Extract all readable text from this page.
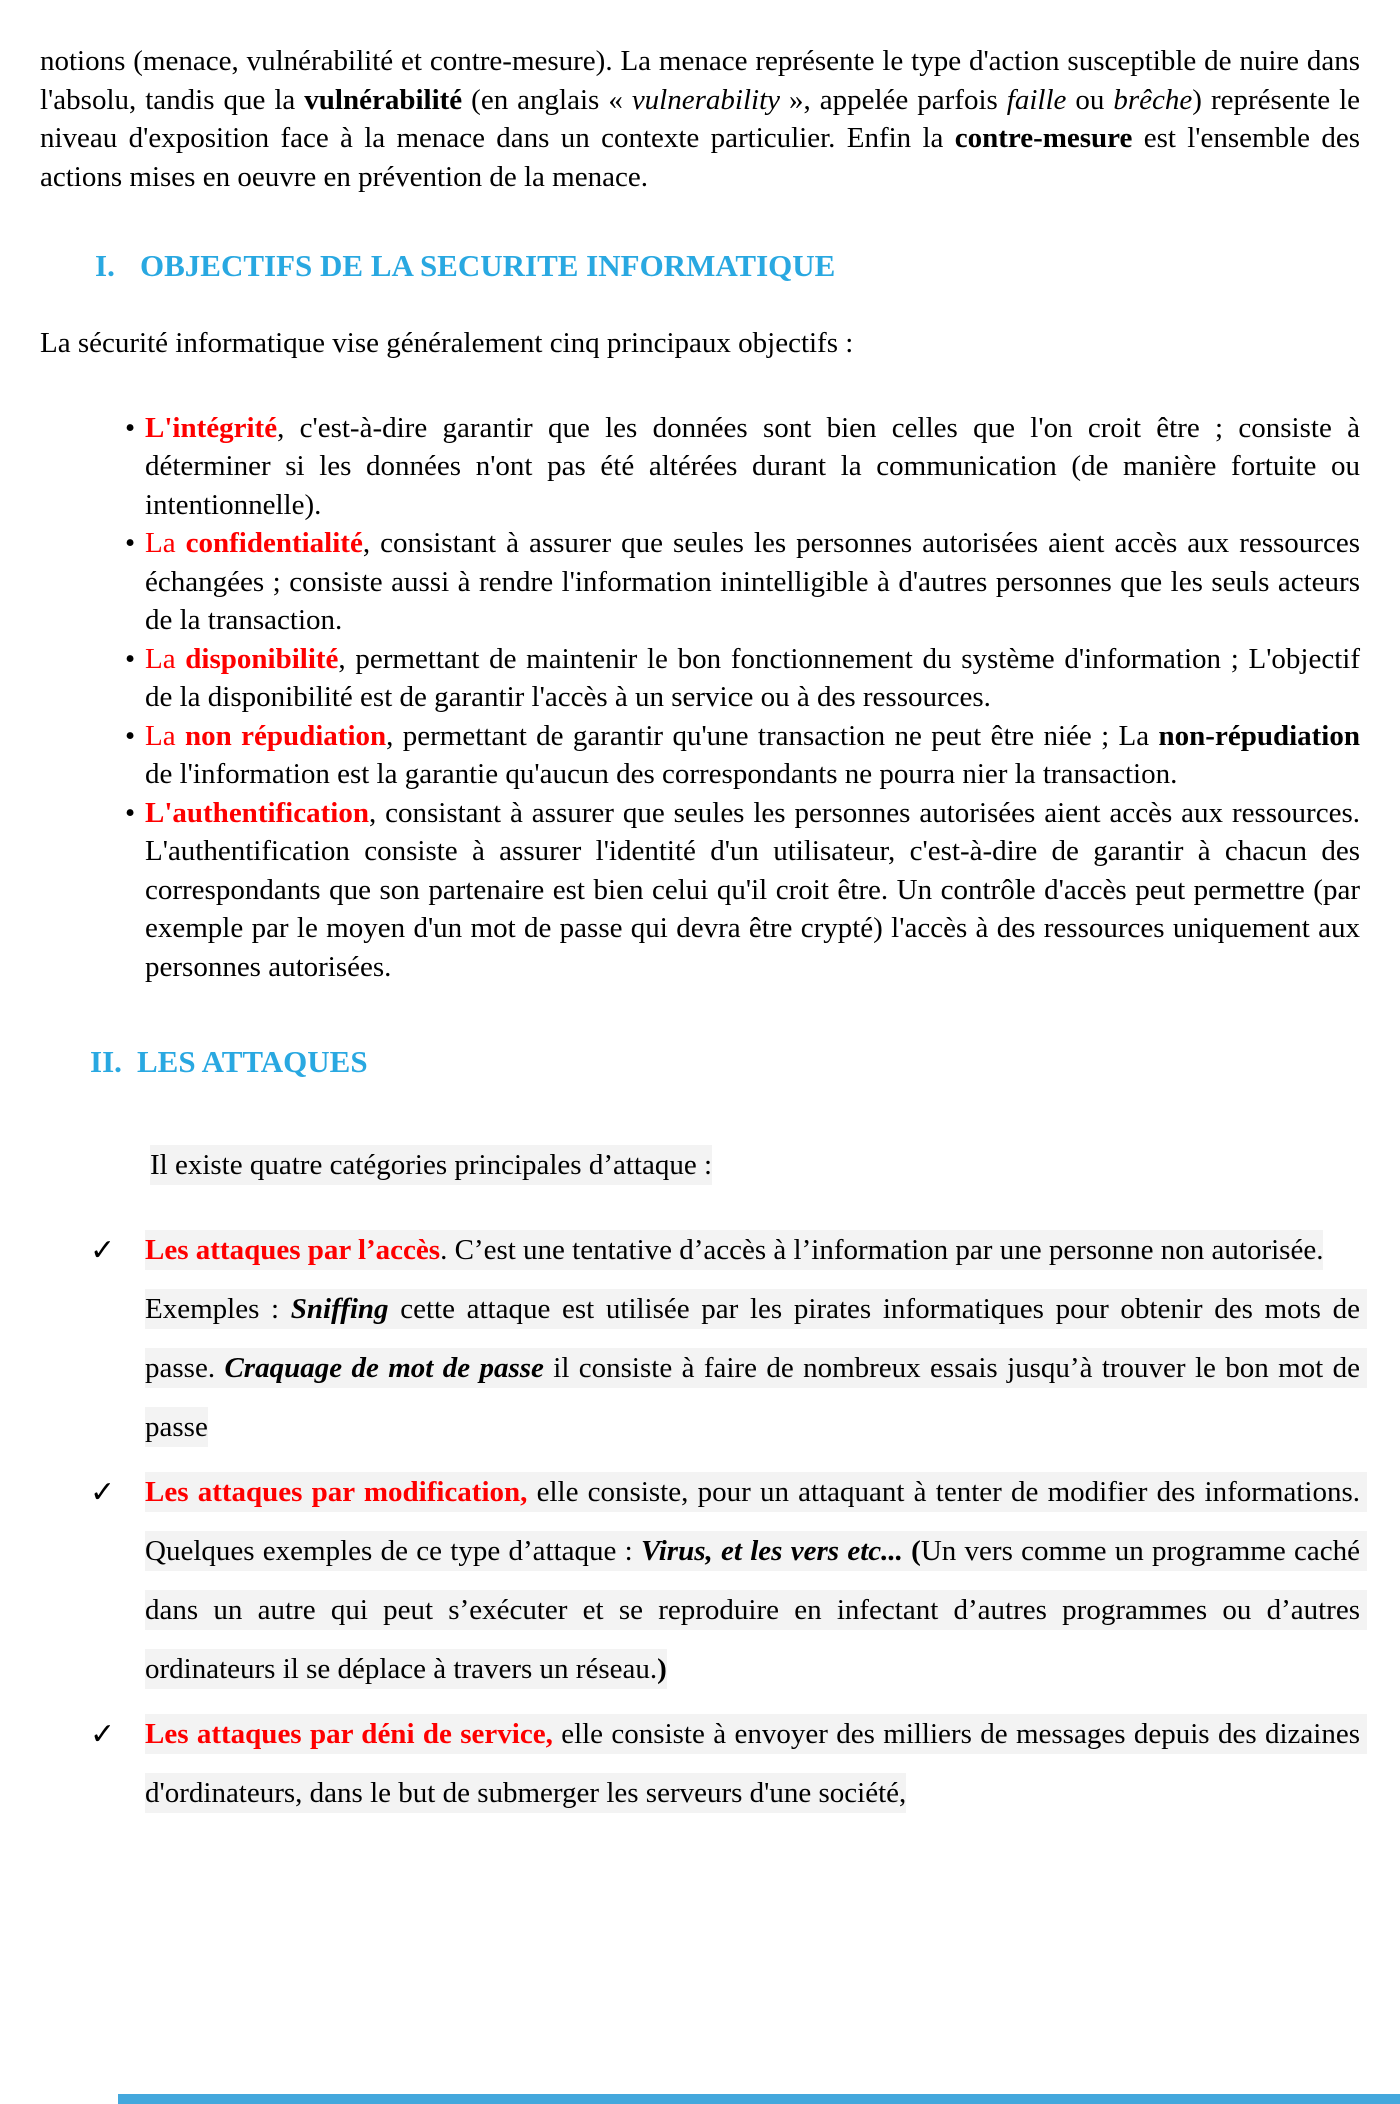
notions (menace, vulnérabilité et contre-mesure). La menace représente le type d'action susceptible de nuire dans l'absolu, tandis que la vulnérabilité (en anglais « vulnerability », appelée parfois faille ou brêche) représente le niveau d'exposition face à la menace dans un contexte particulier. Enfin la contre-mesure est l'ensemble des actions mises en oeuvre en prévention de la menace.
I. OBJECTIFS DE LA SECURITE INFORMATIQUE
La sécurité informatique vise généralement cinq principaux objectifs :
• L'intégrité, c'est-à-dire garantir que les données sont bien celles que l'on croit être ; consiste à déterminer si les données n'ont pas été altérées durant la communication (de manière fortuite ou intentionnelle).
• La confidentialité, consistant à assurer que seules les personnes autorisées aient accès aux ressources échangées ; consiste aussi à rendre l'information inintelligible à d'autres personnes que les seuls acteurs de la transaction.
• La disponibilité, permettant de maintenir le bon fonctionnement du système d'information ; L'objectif de la disponibilité est de garantir l'accès à un service ou à des ressources.
• La non répudiation, permettant de garantir qu'une transaction ne peut être niée ; La non-répudiation de l'information est la garantie qu'aucun des correspondants ne pourra nier la transaction.
• L'authentification, consistant à assurer que seules les personnes autorisées aient accès aux ressources. L'authentification consiste à assurer l'identité d'un utilisateur, c'est-à-dire de garantir à chacun des correspondants que son partenaire est bien celui qu'il croit être. Un contrôle d'accès peut permettre (par exemple par le moyen d'un mot de passe qui devra être crypté) l'accès à des ressources uniquement aux personnes autorisées.
II. LES ATTAQUES
Il existe quatre catégories principales d’attaque :
✓ Les attaques par l’accès. C’est une tentative d’accès à l’information par une personne non autorisée.
Exemples : Sniffing cette attaque est utilisée par les pirates informatiques pour obtenir des mots de passe. Craquage de mot de passe il consiste à faire de nombreux essais jusqu’à trouver le bon mot de passe
✓ Les attaques par modification, elle consiste, pour un attaquant à tenter de modifier des informations. Quelques exemples de ce type d’attaque : Virus, et les vers etc... (Un vers comme un programme caché dans un autre qui peut s’exécuter et se reproduire en infectant d’autres programmes ou d’autres ordinateurs il se déplace à travers un réseau.)
✓ Les attaques par déni de service, elle consiste à envoyer des milliers de messages depuis des dizaines d'ordinateurs, dans le but de submerger les serveurs d'une société,
